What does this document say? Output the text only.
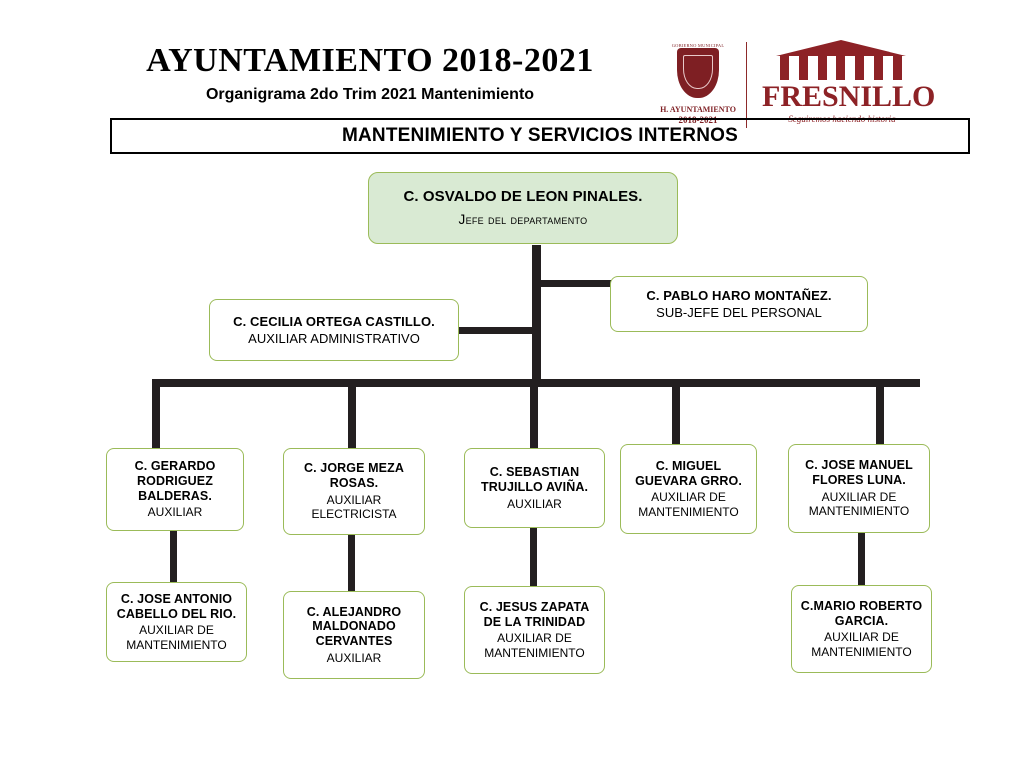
AYUNTAMIENTO 2018-2021
Organigrama 2do Trim 2021 Mantenimiento
GOBIERNO MUNICIPAL
H. AYUNTAMIENTO
2018-2021
FRESNILLO
Seguiremos haciendo historia
MANTENIMIENTO Y SERVICIOS INTERNOS
C. OSVALDO DE LEON PINALES.
Jefe del departamento
C. PABLO HARO MONTAÑEZ.
SUB-JEFE DEL PERSONAL
C. CECILIA ORTEGA CASTILLO.
AUXILIAR ADMINISTRATIVO
C. GERARDO RODRIGUEZ BALDERAS.
AUXILIAR
C. JORGE MEZA ROSAS.
AUXILIAR ELECTRICISTA
C. SEBASTIAN TRUJILLO AVIÑA.
AUXILIAR
C. MIGUEL GUEVARA GRRO.
AUXILIAR DE MANTENIMIENTO
C. JOSE MANUEL FLORES LUNA.
AUXILIAR DE MANTENIMIENTO
C. JOSE ANTONIO CABELLO DEL RIO.
AUXILIAR DE MANTENIMIENTO
C. ALEJANDRO MALDONADO CERVANTES
AUXILIAR
C. JESUS ZAPATA DE LA TRINIDAD
AUXILIAR DE MANTENIMIENTO
C.MARIO ROBERTO GARCIA.
AUXILIAR DE MANTENIMIENTO
